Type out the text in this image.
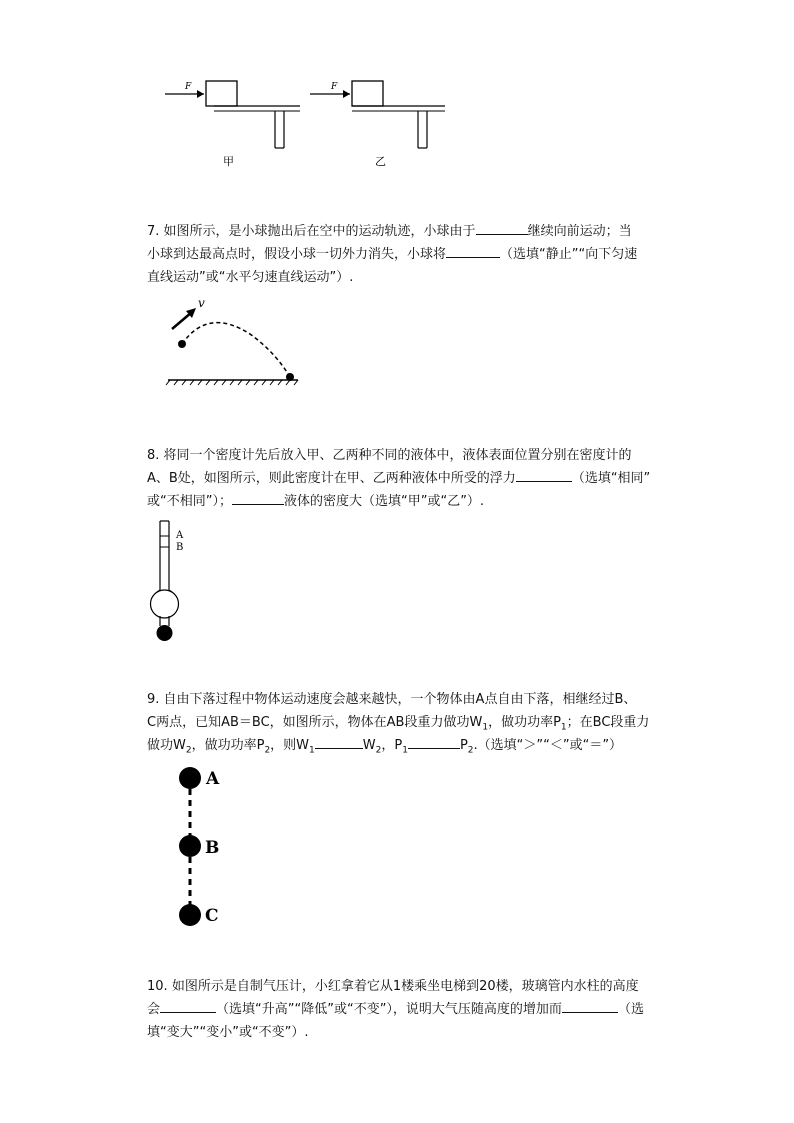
F
甲
F
乙
7. 如图所示，是小球抛出后在空中的运动轨迹，小球由于	继续向前运动；当
小球到达最高点时，假设小球一切外力消失，小球将	（选填“静止”“向下匀速
直线运动”或“水平匀速直线运动”）.
v
8. 将同一个密度计先后放入甲、乙两种不同的液体中，液体表面位置分别在密度计的
A、B处，如图所示，则此密度计在甲、乙两种液体中所受的浮力	（选填“相同”
或“不相同”）；	液体的密度大（选填“甲”或“乙”）.
A
B
9. 自由下落过程中物体运动速度会越来越快，一个物体由A点自由下落，相继经过B、
C两点，已知AB＝BC，如图所示，物体在AB段重力做功$W_1$，做功功率$P_1$；在BC段重力
做功$W_2$，做功功率$P_2$，则$W_1$	$W_2$，$P_1$	$P_2$.（选填“＞”“＜”或“＝”）
A
B
C
10. 如图所示是自制气压计，小红拿着它从1楼乘坐电梯到20楼，玻璃管内水柱的高度
会	（选填“升高”“降低”或“不变”），说明大气压随高度的增加而	（选
填“变大”“变小”或“不变”）.
